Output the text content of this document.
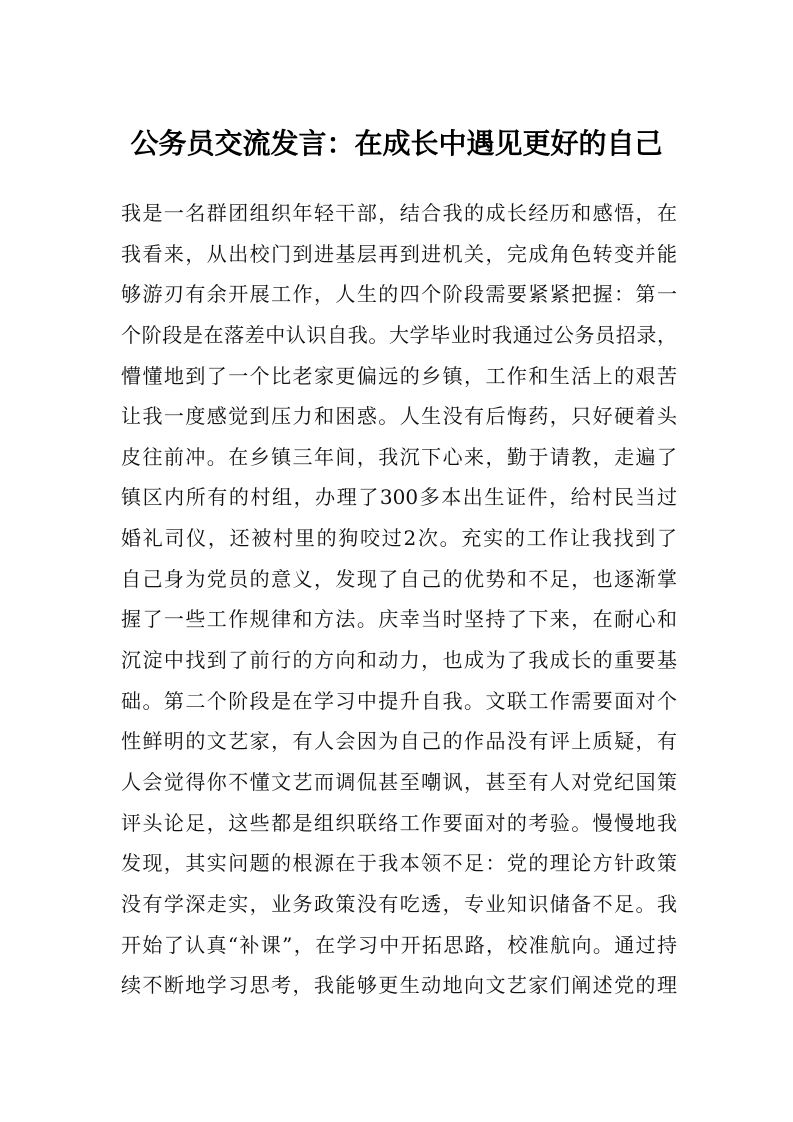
公务员交流发言：在成长中遇见更好的自己
我是一名群团组织年轻干部，结合我的成长经历和感悟，在
我看来，从出校门到进基层再到进机关，完成角色转变并能
够游刃有余开展工作，人生的四个阶段需要紧紧把握：第一
个阶段是在落差中认识自我。大学毕业时我通过公务员招录，
懵懂地到了一个比老家更偏远的乡镇，工作和生活上的艰苦
让我一度感觉到压力和困惑。人生没有后悔药，只好硬着头
皮往前冲。在乡镇三年间，我沉下心来，勤于请教，走遍了
镇区内所有的村组，办理了300多本出生证件，给村民当过
婚礼司仪，还被村里的狗咬过2次。充实的工作让我找到了
自己身为党员的意义，发现了自己的优势和不足，也逐渐掌
握了一些工作规律和方法。庆幸当时坚持了下来，在耐心和
沉淀中找到了前行的方向和动力，也成为了我成长的重要基
础。第二个阶段是在学习中提升自我。文联工作需要面对个
性鲜明的文艺家，有人会因为自己的作品没有评上质疑，有
人会觉得你不懂文艺而调侃甚至嘲讽，甚至有人对党纪国策
评头论足，这些都是组织联络工作要面对的考验。慢慢地我
发现，其实问题的根源在于我本领不足：党的理论方针政策
没有学深走实，业务政策没有吃透，专业知识储备不足。我
开始了认真“补课”，在学习中开拓思路，校准航向。通过持
续不断地学习思考，我能够更生动地向文艺家们阐述党的理
